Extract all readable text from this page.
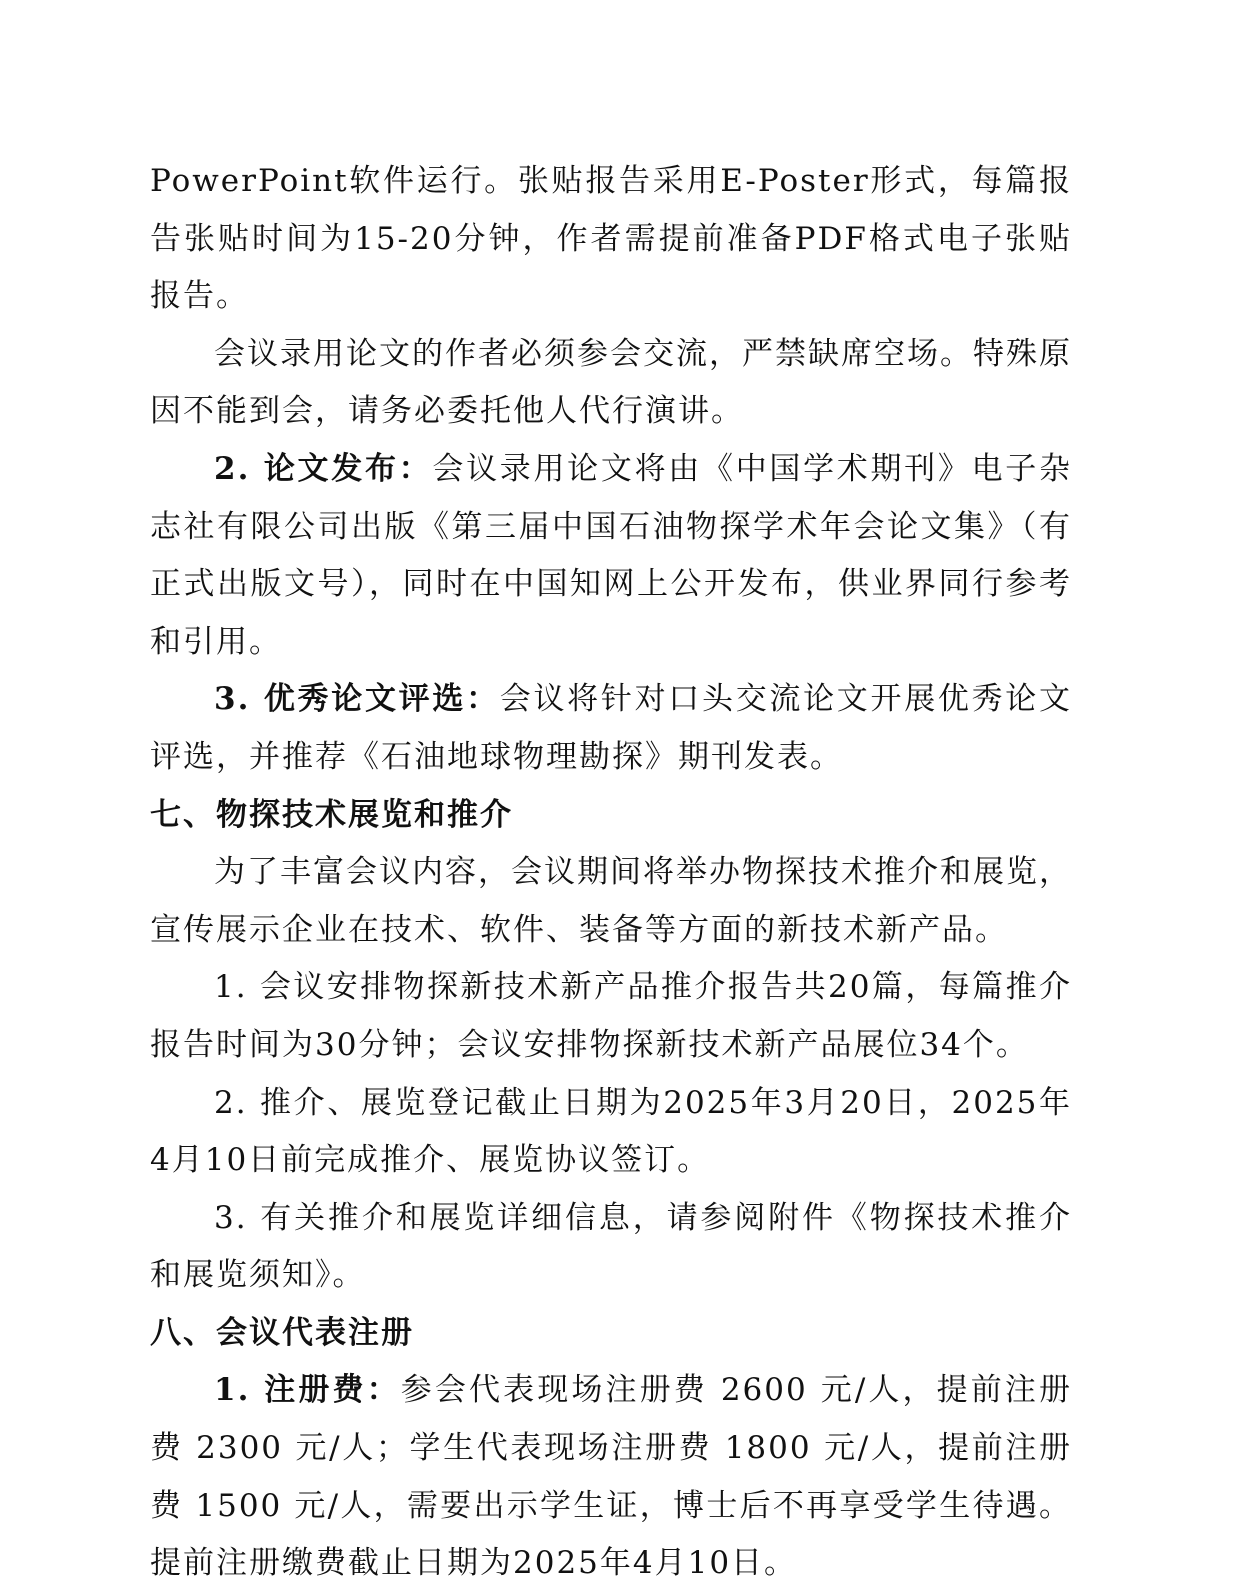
PowerPoint软件运行。张贴报告采用E-Poster形式，每篇报告张贴时间为15-20分钟，作者需提前准备PDF格式电子张贴报告。

会议录用论文的作者必须参会交流，严禁缺席空场。特殊原因不能到会，请务必委托他人代行演讲。

2. 论文发布：会议录用论文将由《中国学术期刊》电子杂志社有限公司出版《第三届中国石油物探学术年会论文集》（有正式出版文号），同时在中国知网上公开发布，供业界同行参考和引用。

3. 优秀论文评选：会议将针对口头交流论文开展优秀论文评选，并推荐《石油地球物理勘探》期刊发表。

七、物探技术展览和推介

为了丰富会议内容，会议期间将举办物探技术推介和展览，宣传展示企业在技术、软件、装备等方面的新技术新产品。

1. 会议安排物探新技术新产品推介报告共20篇，每篇推介报告时间为30分钟；会议安排物探新技术新产品展位34个。

2. 推介、展览登记截止日期为2025年3月20日，2025年4月10日前完成推介、展览协议签订。

3. 有关推介和展览详细信息，请参阅附件《物探技术推介和展览须知》。

八、会议代表注册

1. 注册费：参会代表现场注册费 2600 元/人，提前注册费 2300 元/人；学生代表现场注册费 1800 元/人，提前注册费 1500 元/人，需要出示学生证，博士后不再享受学生待遇。提前注册缴费截止日期为2025年4月10日。
